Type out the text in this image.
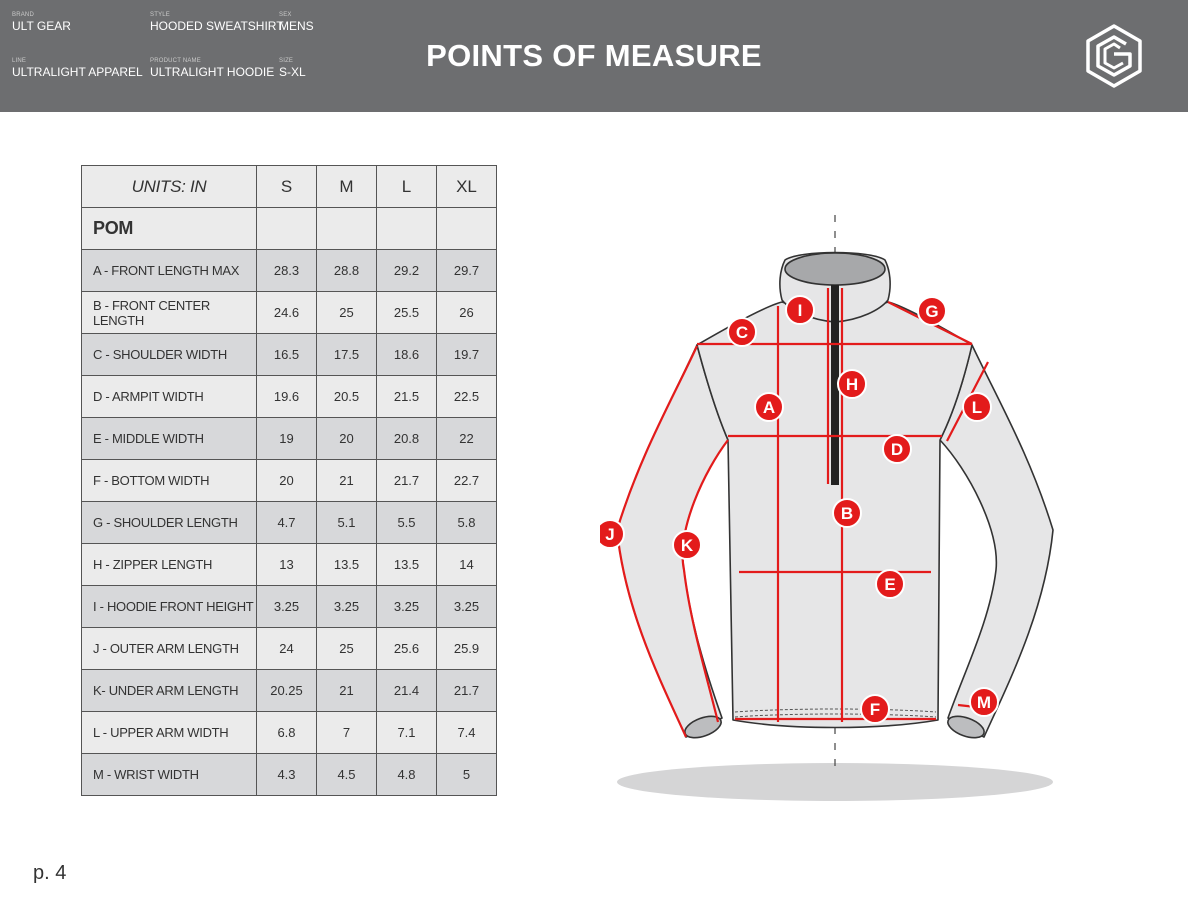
BRAND
ULT GEAR
STYLE
HOODED SWEATSHIRT
SEX
MENS
LINE
ULTRALIGHT APPAREL
PRODUCT NAME
ULTRALIGHT HOODIE
SIZE
S-XL	POINTS OF MEASURE
UNITS: IN	S	M	L	XL
POM				
A - FRONT LENGTH MAX	28.3	28.8	29.2	29.7
B - FRONT CENTER LENGTH	24.6	25	25.5	26
C - SHOULDER WIDTH	16.5	17.5	18.6	19.7
D - ARMPIT WIDTH	19.6	20.5	21.5	22.5
E - MIDDLE WIDTH	19	20	20.8	22
F - BOTTOM WIDTH	20	21	21.7	22.7
G - SHOULDER LENGTH	4.7	5.1	5.5	5.8
H - ZIPPER LENGTH	13	13.5	13.5	14
I - HOODIE FRONT HEIGHT	3.25	3.25	3.25	3.25
J - OUTER ARM LENGTH	24	25	25.6	25.9
K- UNDER ARM LENGTH	20.25	21	21.4	21.7
L - UPPER ARM WIDTH	6.8	7	7.1	7.4
M - WRIST WIDTH	4.3	4.5	4.8	5
A
B
C
D
E
F
G
H
I
J
K
L
M
p. 4
